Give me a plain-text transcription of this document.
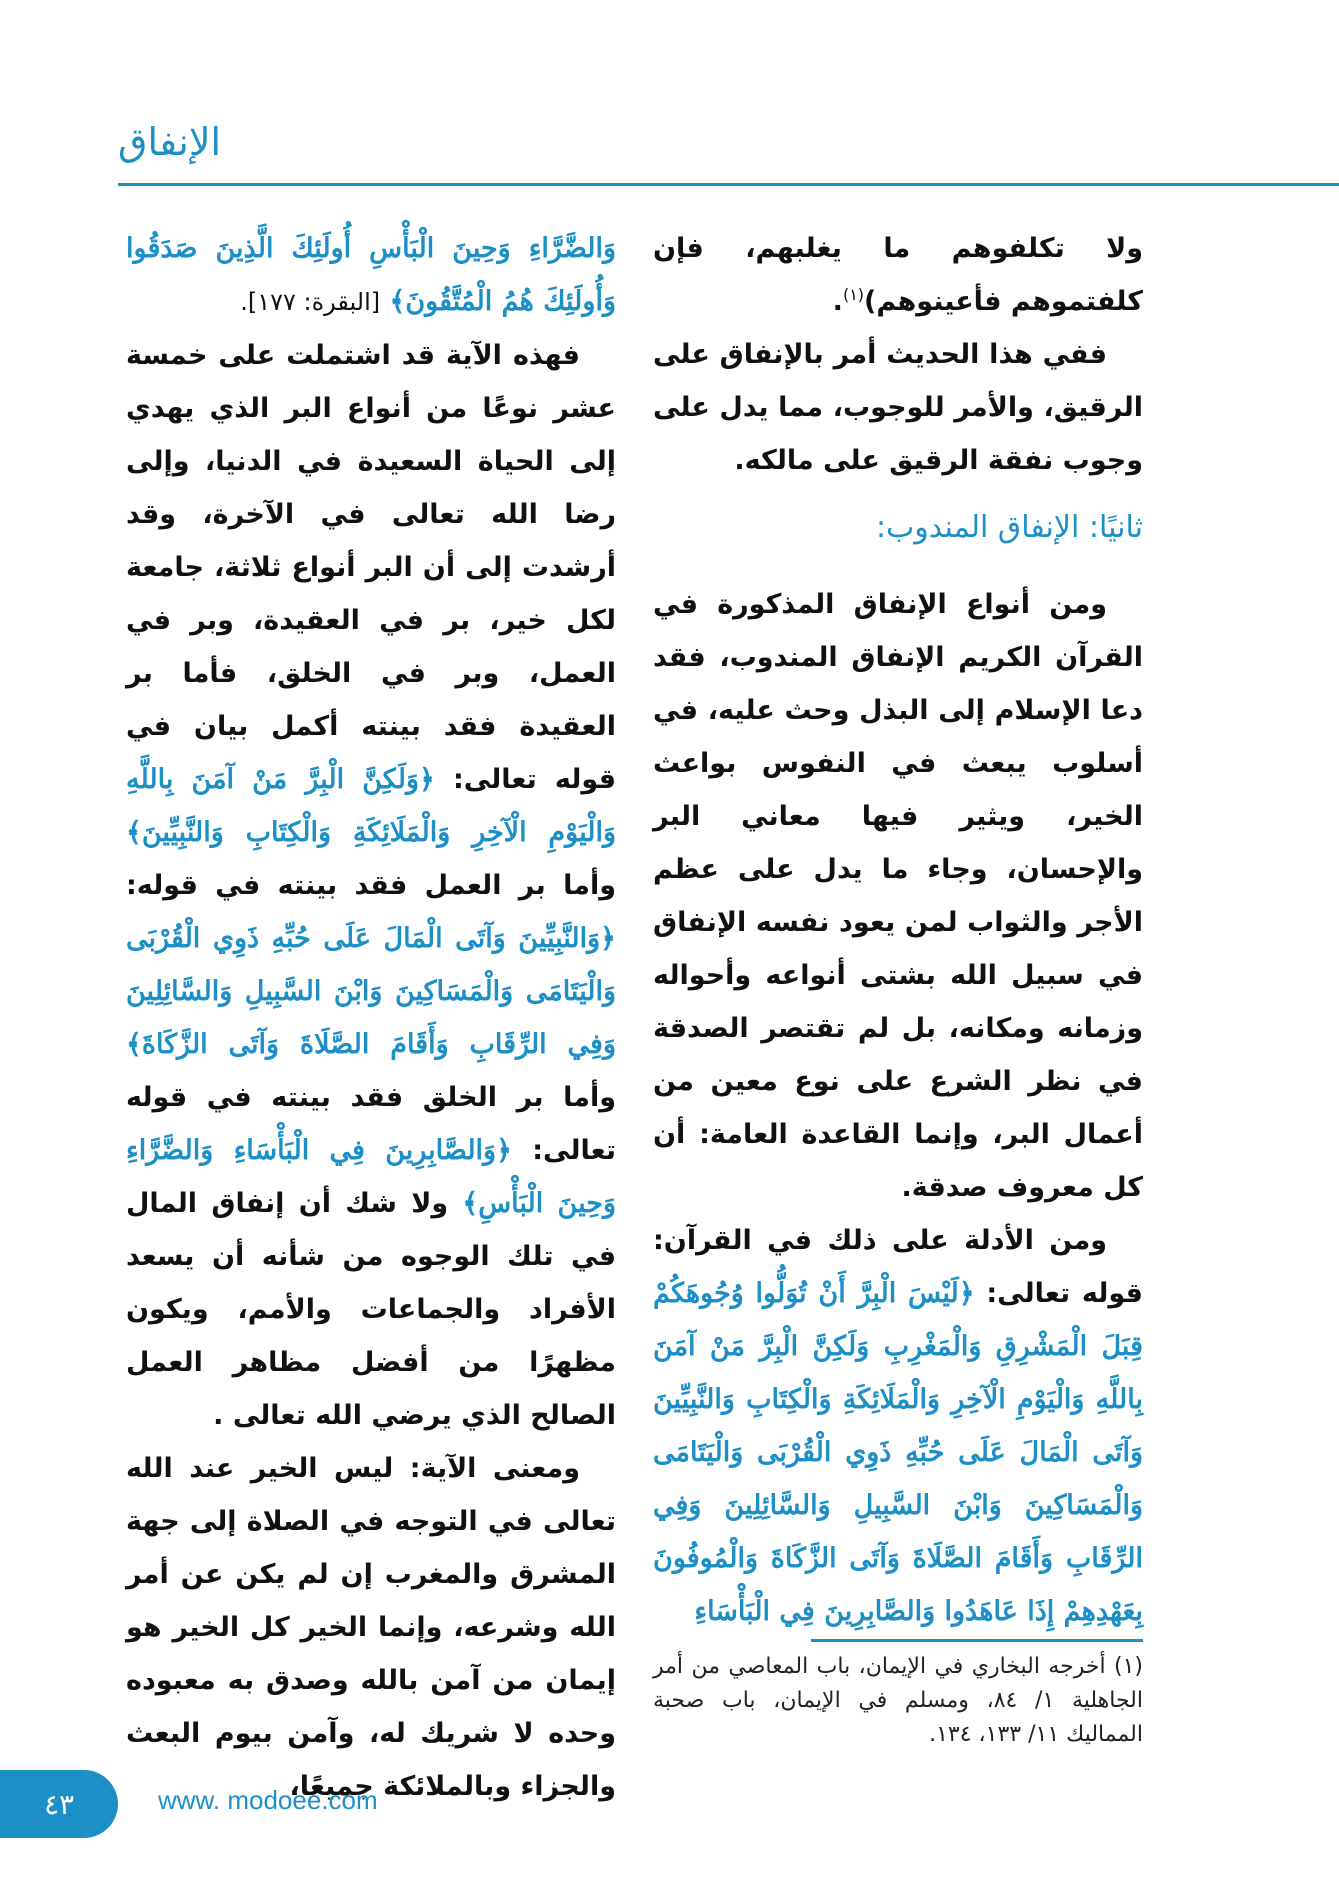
الإنفاق

ولا تكلفوهم ما يغلبهم، فإن كلفتموهم فأعينوهم)$^{(١)}$.

ففي هذا الحديث أمر بالإنفاق على الرقيق، والأمر للوجوب، مما يدل على وجوب نفقة الرقيق على مالكه.

ثانيًا: الإنفاق المندوب:

ومن أنواع الإنفاق المذكورة في القرآن الكريم الإنفاق المندوب، فقد دعا الإسلام إلى البذل وحث عليه، في أسلوب يبعث في النفوس بواعث الخير، ويثير فيها معاني البر والإحسان، وجاء ما يدل على عظم الأجر والثواب لمن يعود نفسه الإنفاق في سبيل الله بشتى أنواعه وأحواله وزمانه ومكانه، بل لم تقتصر الصدقة في نظر الشرع على نوع معين من أعمال البر، وإنما القاعدة العامة: أن كل معروف صدقة.

ومن الأدلة على ذلك في القرآن: قوله تعالى: ﴿لَيْسَ الْبِرَّ أَنْ تُوَلُّوا وُجُوهَكُمْ قِبَلَ الْمَشْرِقِ وَالْمَغْرِبِ وَلَكِنَّ الْبِرَّ مَنْ آمَنَ بِاللَّهِ وَالْيَوْمِ الْآخِرِ وَالْمَلَائِكَةِ وَالْكِتَابِ وَالنَّبِيِّينَ وَآتَى الْمَالَ عَلَى حُبِّهِ ذَوِي الْقُرْبَى وَالْيَتَامَى وَالْمَسَاكِينَ وَابْنَ السَّبِيلِ وَالسَّائِلِينَ وَفِي الرِّقَابِ وَأَقَامَ الصَّلَاةَ وَآتَى الزَّكَاةَ وَالْمُوفُونَ بِعَهْدِهِمْ إِذَا عَاهَدُوا وَالصَّابِرِينَ فِي الْبَأْسَاءِ

وَالضَّرَّاءِ وَحِينَ الْبَأْسِ أُولَئِكَ الَّذِينَ صَدَقُوا وَأُولَئِكَ هُمُ الْمُتَّقُونَ﴾ [البقرة: ١٧٧].

فهذه الآية قد اشتملت على خمسة عشر نوعًا من أنواع البر الذي يهدي إلى الحياة السعيدة في الدنيا، وإلى رضا الله تعالى في الآخرة، وقد أرشدت إلى أن البر أنواع ثلاثة، جامعة لكل خير، بر في العقيدة، وبر في العمل، وبر في الخلق، فأما بر العقيدة فقد بينته أكمل بيان في قوله تعالى: ﴿وَلَكِنَّ الْبِرَّ مَنْ آمَنَ بِاللَّهِ وَالْيَوْمِ الْآخِرِ وَالْمَلَائِكَةِ وَالْكِتَابِ وَالنَّبِيِّينَ﴾ وأما بر العمل فقد بينته في قوله: ﴿وَالنَّبِيِّينَ وَآتَى الْمَالَ عَلَى حُبِّهِ ذَوِي الْقُرْبَى وَالْيَتَامَى وَالْمَسَاكِينَ وَابْنَ السَّبِيلِ وَالسَّائِلِينَ وَفِي الرِّقَابِ وَأَقَامَ الصَّلَاةَ وَآتَى الزَّكَاةَ﴾ وأما بر الخلق فقد بينته في قوله تعالى: ﴿وَالصَّابِرِينَ فِي الْبَأْسَاءِ وَالضَّرَّاءِ وَحِينَ الْبَأْسِ﴾ ولا شك أن إنفاق المال في تلك الوجوه من شأنه أن يسعد الأفراد والجماعات والأمم، ويكون مظهرًا من أفضل مظاهر العمل الصالح الذي يرضي الله تعالى .

ومعنى الآية: ليس الخير عند الله تعالى في التوجه في الصلاة إلى جهة المشرق والمغرب إن لم يكن عن أمر الله وشرعه، وإنما الخير كل الخير هو إيمان من آمن بالله وصدق به معبوده وحده لا شريك له، وآمن بيوم البعث والجزاء وبالملائكة جميعًا،

(١) أخرجه البخاري في الإيمان، باب المعاصي من أمر الجاهلية ١/ ٨٤، ومسلم في الإيمان، باب صحبة المماليك ١١/ ١٣٣، ١٣٤.
٤٣	www. modoee.com
